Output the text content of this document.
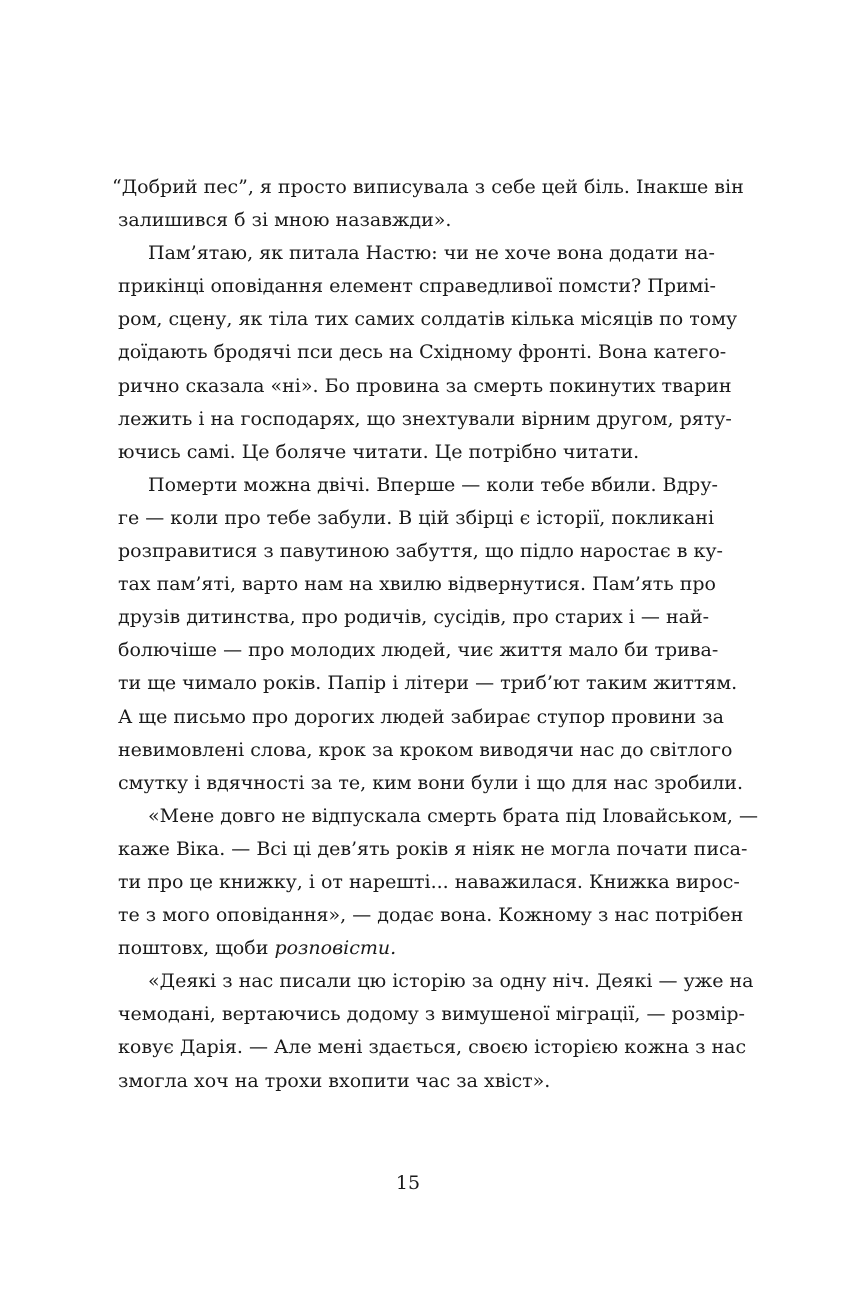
“Добрий пес”, я просто виписувала з себе цей біль. Інакше він
залишився б зі мною назавжди».
Пам’ятаю, як питала Настю: чи не хоче вона додати на-
прикінці оповідання елемент справедливої помсти? Примі-
ром, сцену, як тіла тих самих солдатів кілька місяців по тому
доїдають бродячі пси десь на Східному фронті. Вона катего-
рично сказала «ні». Бо провина за смерть покинутих тварин
лежить і на господарях, що знехтували вірним другом, ряту-
ючись самі. Це боляче читати. Це потрібно читати.
Померти можна двічі. Вперше — коли тебе вбили. Вдру-
ге — коли про тебе забули. В цій збірці є історії, покликані
розправитися з павутиною забуття, що підло наростає в ку-
тах пам’яті, варто нам на хвилю відвернутися. Пам’ять про
друзів дитинства, про родичів, сусідів, про старих і — най-
болючіше — про молодих людей, чиє життя мало би трива-
ти ще чимало років. Папір і літери — триб’ют таким життям.
А ще письмо про дорогих людей забирає ступор провини за
невимовлені слова, крок за кроком виводячи нас до світлого
смутку і вдячності за те, ким вони були і що для нас зробили.
«Мене довго не відпускала смерть брата під Іловайськом, —
каже Віка. — Всі ці дев’ять років я ніяк не могла почати писа-
ти про це книжку, і от нарешті... наважилася. Книжка вирос-
те з мого оповідання», — додає вона. Кожному з нас потрібен
поштовх, щоби розповісти.
«Деякі з нас писали цю історію за одну ніч. Деякі — уже на
чемодані, вертаючись додому з вимушеної міграції, — розмір-
ковує Дарія. — Але мені здається, своєю історією кожна з нас
змогла хоч на трохи вхопити час за хвіст».
15
